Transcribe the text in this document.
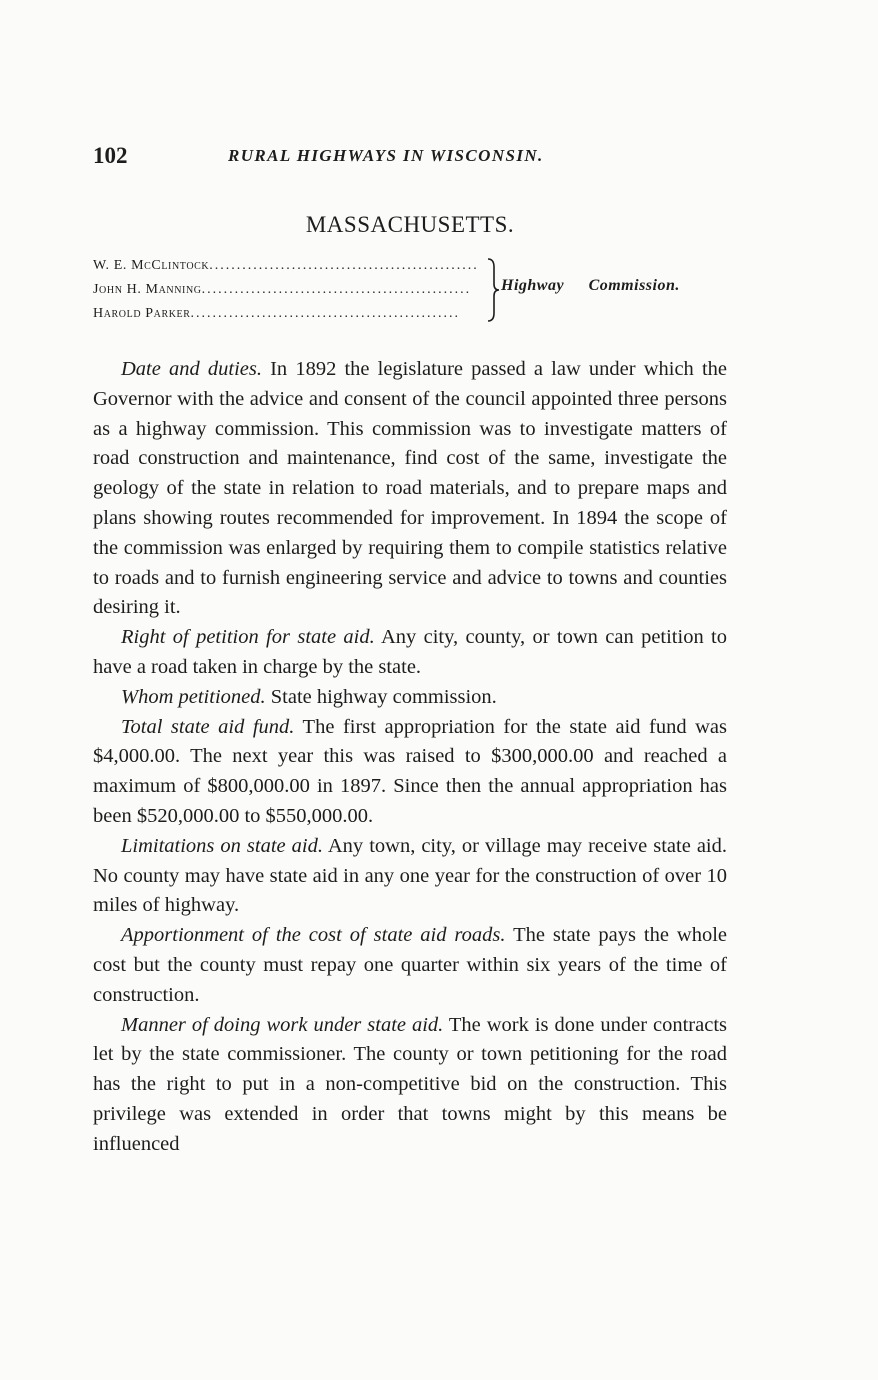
102	RURAL HIGHWAYS IN WISCONSIN.
MASSACHUSETTS.
W. E. McClintock.................................................
John H. Manning.................................................
Harold Parker.................................................
Highway Commission.

Date and duties. In 1892 the legislature passed a law under which the Governor with the advice and consent of the council appointed three persons as a highway commission. This commission was to investigate matters of road construction and maintenance, find cost of the same, investigate the geology of the state in relation to road materials, and to prepare maps and plans showing routes recommended for improvement. In 1894 the scope of the commission was enlarged by requiring them to compile statistics relative to roads and to furnish engineering service and advice to towns and counties desiring it.

Right of petition for state aid. Any city, county, or town can petition to have a road taken in charge by the state.

Whom petitioned. State highway commission.

Total state aid fund. The first appropriation for the state aid fund was $4,000.00. The next year this was raised to $300,000.00 and reached a maximum of $800,000.00 in 1897. Since then the annual appropriation has been $520,000.00 to $550,000.00.

Limitations on state aid. Any town, city, or village may receive state aid. No county may have state aid in any one year for the construction of over 10 miles of highway.

Apportionment of the cost of state aid roads. The state pays the whole cost but the county must repay one quarter within six years of the time of construction.

Manner of doing work under state aid. The work is done under contracts let by the state commissioner. The county or town petitioning for the road has the right to put in a non-competitive bid on the construction. This privilege was extended in order that towns might by this means be influenced
